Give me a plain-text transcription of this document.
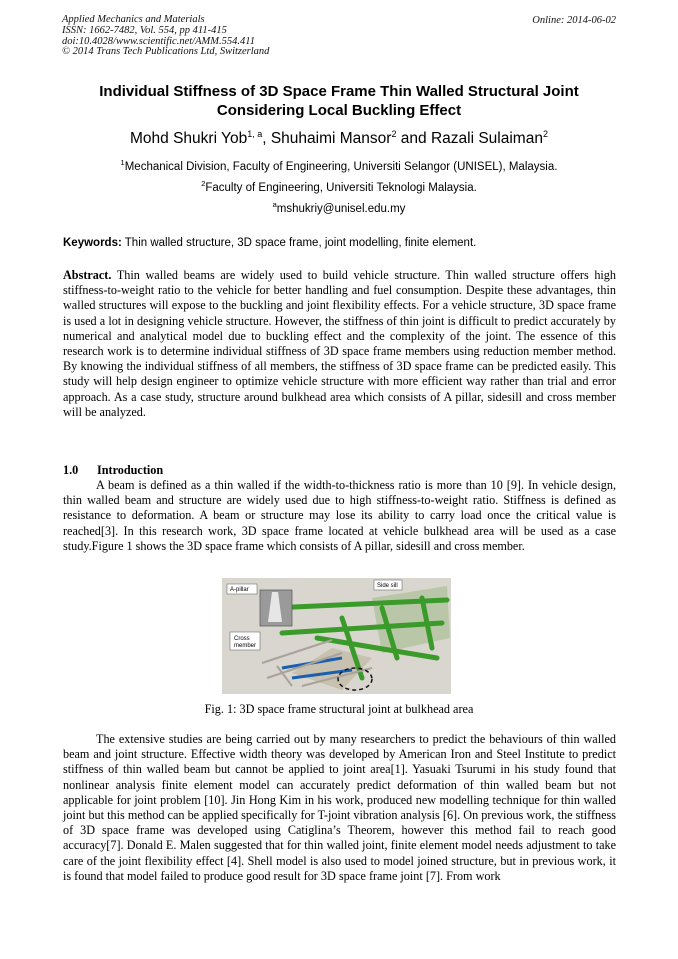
Applied Mechanics and Materials
ISSN: 1662-7482, Vol. 554, pp 411-415
doi:10.4028/www.scientific.net/AMM.554.411
© 2014 Trans Tech Publications Ltd, Switzerland
Online: 2014-06-02
Individual Stiffness of 3D Space Frame Thin Walled Structural Joint
Considering Local Buckling Effect
Mohd Shukri Yob$^{1, a}$, Shuhaimi Mansor$^2$ and Razali Sulaiman$^2$
$^1$Mechanical Division, Faculty of Engineering, Universiti Selangor (UNISEL), Malaysia.
$^2$Faculty of Engineering, Universiti Teknologi Malaysia.
$^a$mshukriy@unisel.edu.my
Keywords: Thin walled structure, 3D space frame, joint modelling, finite element.
Abstract. Thin walled beams are widely used to build vehicle structure. Thin walled structure offers high stiffness-to-weight ratio to the vehicle for better handling and fuel consumption. Despite these advantages, thin walled structures will expose to the buckling and joint flexibility effects. For a vehicle structure, 3D space frame is used a lot in designing vehicle structure. However, the stiffness of thin joint is difficult to predict accurately by numerical and analytical model due to buckling effect and the complexity of the joint. The essence of this research work is to determine individual stiffness of 3D space frame members using reduction member method. By knowing the individual stiffness of all members, the stiffness of 3D space frame can be predicted easily. This study will help design engineer to optimize vehicle structure with more efficient way rather than trial and error approach. As a case study, structure around bulkhead area which consists of A pillar, sidesill and cross member will be analyzed.
1.0 Introduction
A beam is defined as a thin walled if the width-to-thickness ratio is more than 10 [9]. In vehicle design, thin walled beam and structure are widely used due to high stiffness-to-weight ratio. Stiffness is defined as resistance to deformation. A beam or structure may lose its ability to carry load once the critical value is reached[3]. In this research work, 3D space frame located at vehicle bulkhead area will be used as a case study.Figure 1 shows the 3D space frame which consists of A pillar, sidesill and cross member.
A-pillar
Side sill
Cross
member
Fig. 1: 3D space frame structural joint at bulkhead area
The extensive studies are being carried out by many researchers to predict the behaviours of thin walled beam and joint structure. Effective width theory was developed by American Iron and Steel Institute to predict stiffness of thin walled beam but cannot be applied to joint area[1]. Yasuaki Tsurumi in his study found that nonlinear analysis finite element model can accurately predict deformation of thin walled beam but not applicable for joint problem [10]. Jin Hong Kim in his work, produced new modelling technique for thin walled joint but this method can be applied specifically for T-joint vibration analysis [6]. On previous work, the stiffness of 3D space frame was developed using Catiglina’s Theorem, however this method fail to reach good accuracy[7]. Donald E. Malen suggested that for thin walled joint, finite element model needs adjustment to take care of the joint flexibility effect [4]. Shell model is also used to model joined structure, but in previous work, it is found that model failed to produce good result for 3D space frame joint [7]. From work
